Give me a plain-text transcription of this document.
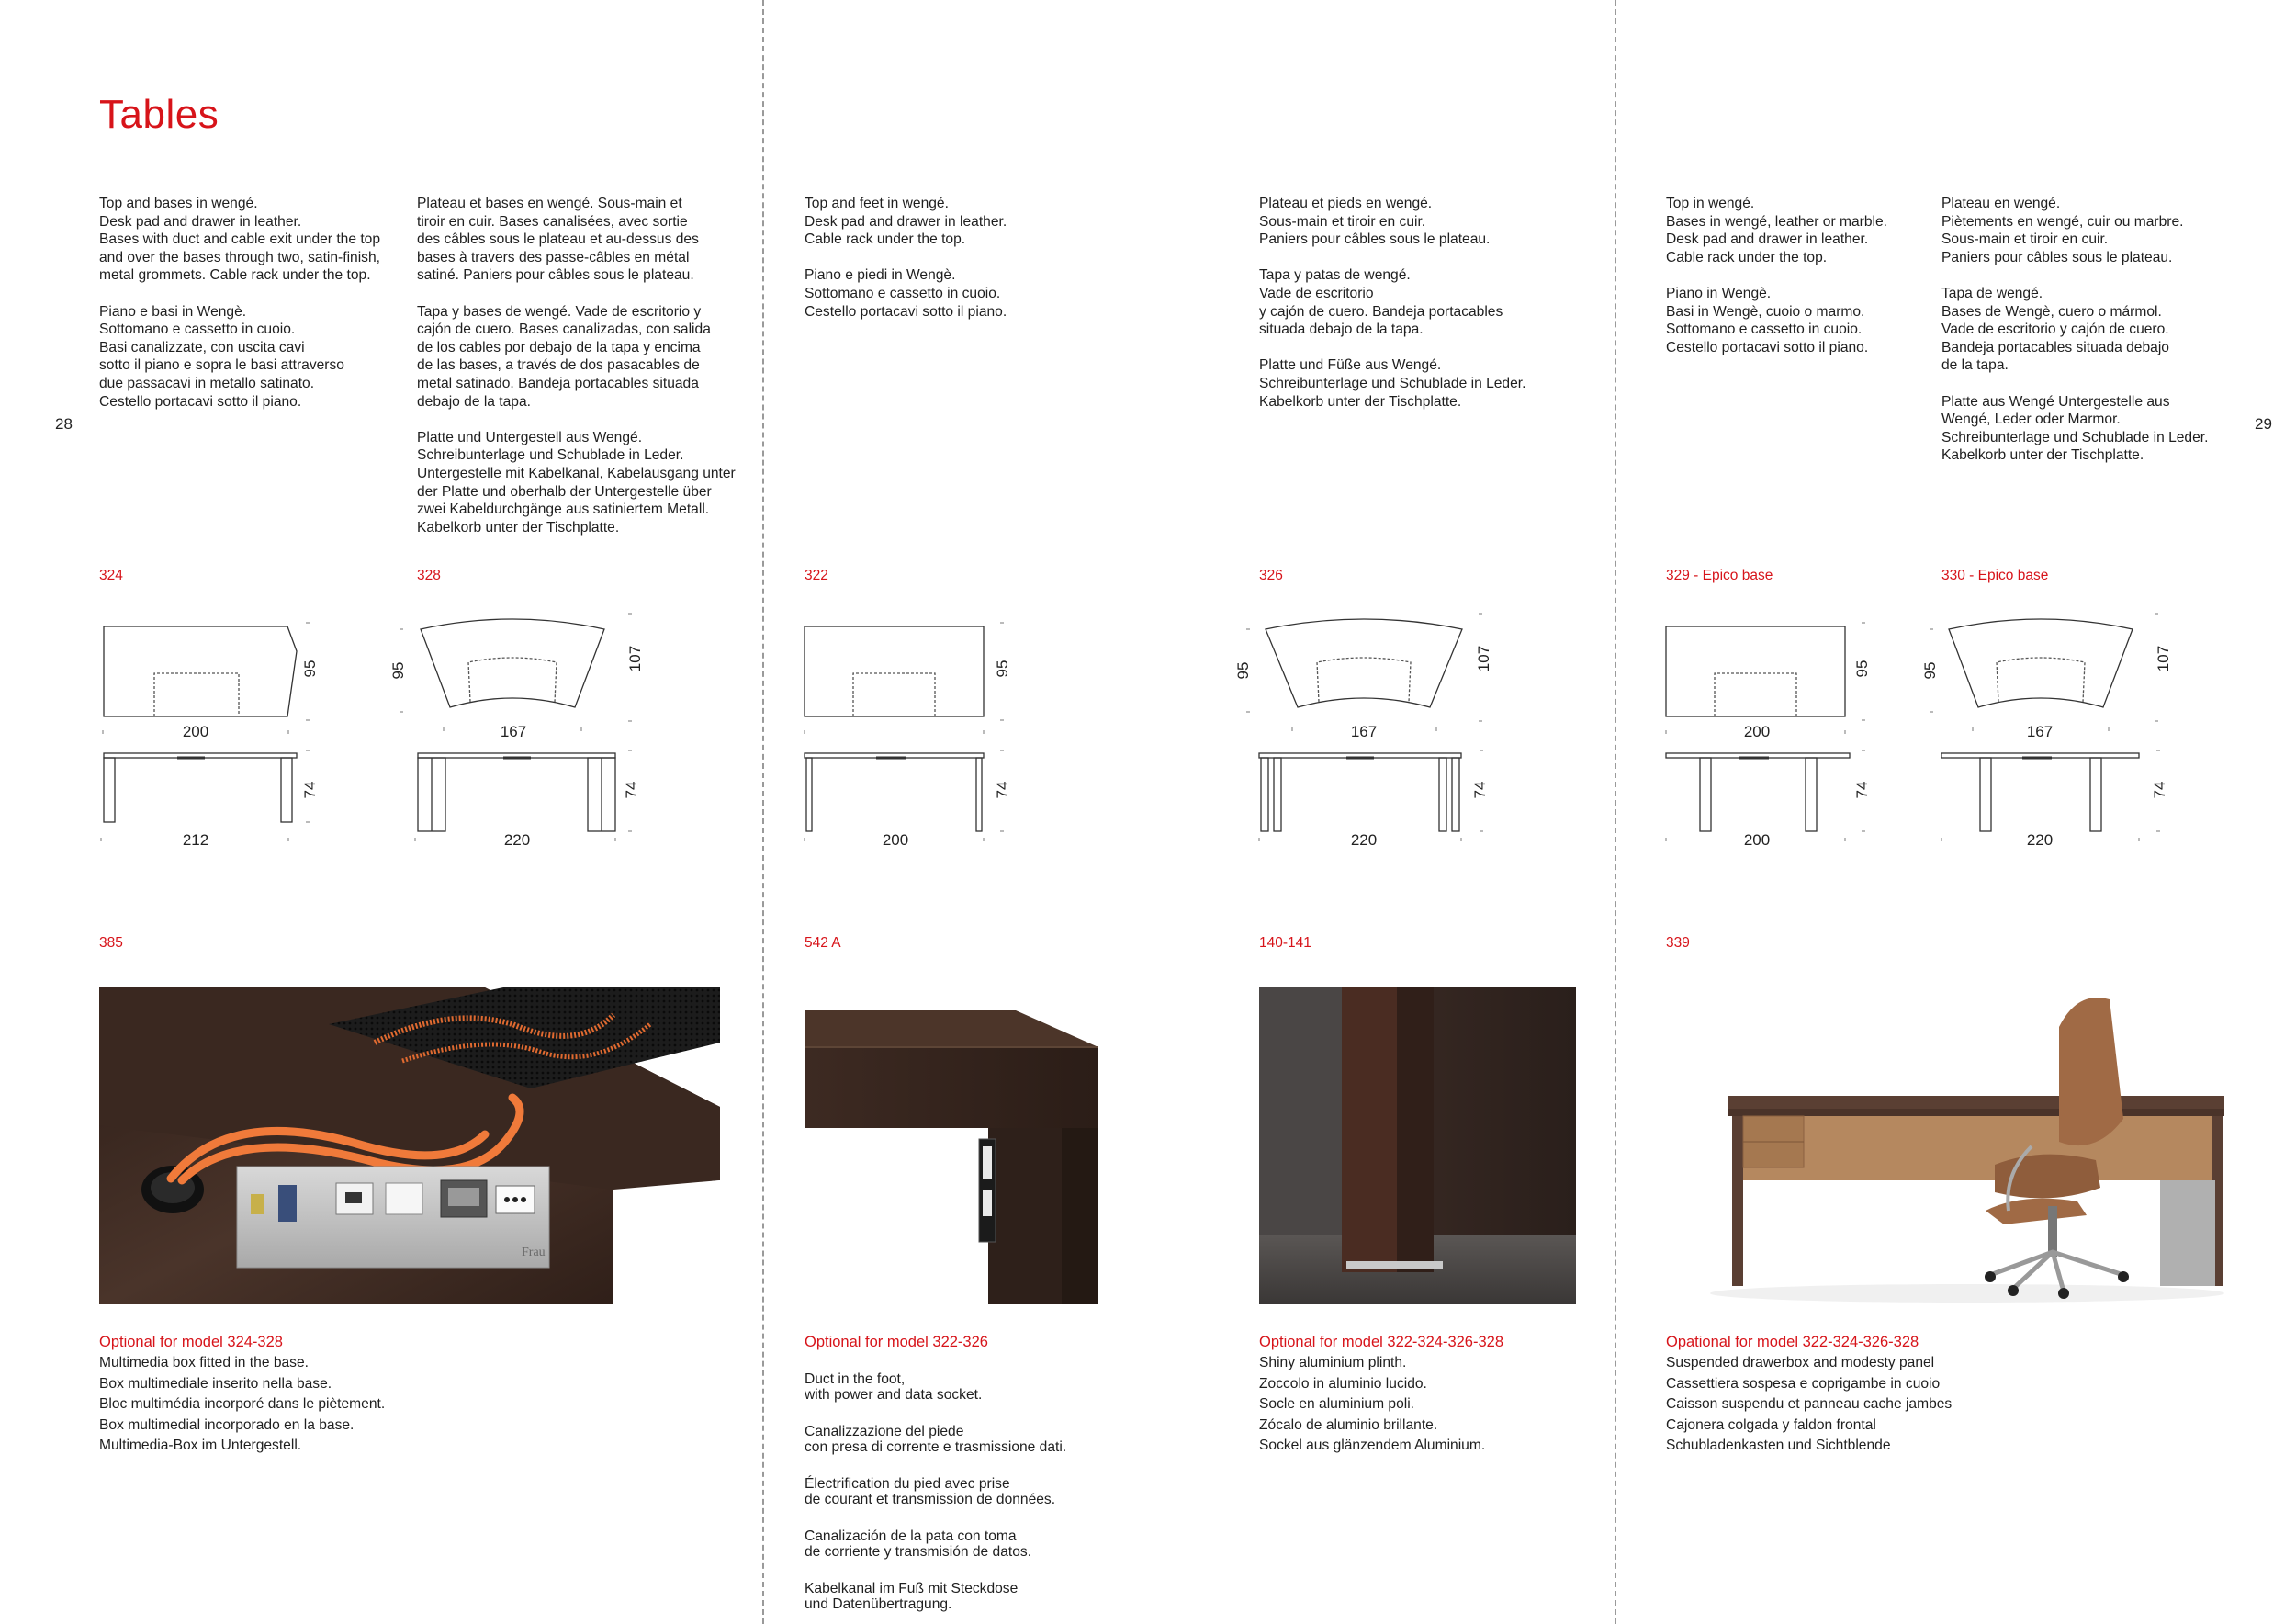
Tables
28	29
Top and bases in wengé.
Desk pad and drawer in leather.
Bases with duct and cable exit under the top
and over the bases through two, satin-finish,
metal grommets. Cable rack under the top.

Piano e basi in Wengè.
Sottomano e cassetto in cuoio.
Basi canalizzate, con uscita cavi
sotto il piano e sopra le basi attraverso
due passacavi in metallo satinato.
Cestello portacavi sotto il piano.
Plateau et bases en wengé. Sous-main et
tiroir en cuir. Bases canalisées, avec sortie
des câbles sous le plateau et au-dessus des
bases à travers des passe-câbles en métal
satiné. Paniers pour câbles sous le plateau.

Tapa y bases de wengé. Vade de escritorio y
cajón de cuero. Bases canalizadas, con salida
de los cables por debajo de la tapa y encima
de las bases, a través de dos pasacables de
metal satinado. Bandeja portacables situada
debajo de la tapa.

Platte und Untergestell aus Wengé.
Schreibunterlage und Schublade in Leder.
Untergestelle mit Kabelkanal, Kabelausgang unter
der Platte und oberhalb der Untergestelle über
zwei Kabeldurchgänge aus satiniertem Metall.
Kabelkorb unter der Tischplatte.
Top and feet in wengé.
Desk pad and drawer in leather.
Cable rack under the top.

Piano e piedi in Wengè.
Sottomano e cassetto in cuoio.
Cestello portacavi sotto il piano.
Plateau et pieds en wengé.
Sous-main et tiroir en cuir.
Paniers pour câbles sous le plateau.

Tapa y patas de wengé.
Vade de escritorio
y cajón de cuero. Bandeja portacables
situada debajo de la tapa.

Platte und Füße aus Wengé.
Schreibunterlage und Schublade in Leder.
Kabelkorb unter der Tischplatte.
Top in wengé.
Bases in wengé, leather or marble.
Desk pad and drawer in leather.
Cable rack under the top.

Piano in Wengè.
Basi in Wengè, cuoio o marmo.
Sottomano e cassetto in cuoio.
Cestello portacavi sotto il piano.
Plateau en wengé.
Piètements en wengé, cuir ou marbre.
Sous-main et tiroir en cuir.
Paniers pour câbles sous le plateau.

Tapa de wengé.
Bases de Wengè, cuero o mármol.
Vade de escritorio y cajón de cuero.
Bandeja portacables situada debajo
de la tapa.

Platte aus Wengé Untergestelle aus
Wengé, Leder oder Marmor.
Schreibunterlage und Schublade in Leder.
Kabelkorb unter der Tischplatte.
324	328	322	326	329 - Epico base	330 - Epico base
200
95
212
74
95	107
167
220
74
95
200
74
95	107
167
220
74
95
200
200
74
95	107
167
220
74
385	542 A	140-141	339
Frau
Optional for model 324-328
Multimedia box fitted in the base.
Box multimediale inserito nella base.
Bloc multimédia incorporé dans le piètement.
Box multimedial incorporado en la base.
Multimedia-Box im Untergestell.
Optional for model 322-326

Duct in the foot,
with power and data socket.

Canalizzazione del piede
con presa di corrente e trasmissione dati.

Électrification du pied avec prise
de courant et transmission de données.

Canalización de la pata con toma
de corriente y transmisión de datos.

Kabelkanal im Fuß mit Steckdose
und Datenübertragung.

Optional for model 322-324-326-328
Shiny aluminium plinth.
Zoccolo in aluminio lucido.
Socle en aluminium poli.
Zócalo de aluminio brillante.
Sockel aus glänzendem Aluminium.
Opational for model 322-324-326-328
Suspended drawerbox and modesty panel
Cassettiera sospesa e coprigambe in cuoio
Caisson suspendu et panneau cache jambes
Cajonera colgada y faldon frontal
Schubladenkasten und Sichtblende
